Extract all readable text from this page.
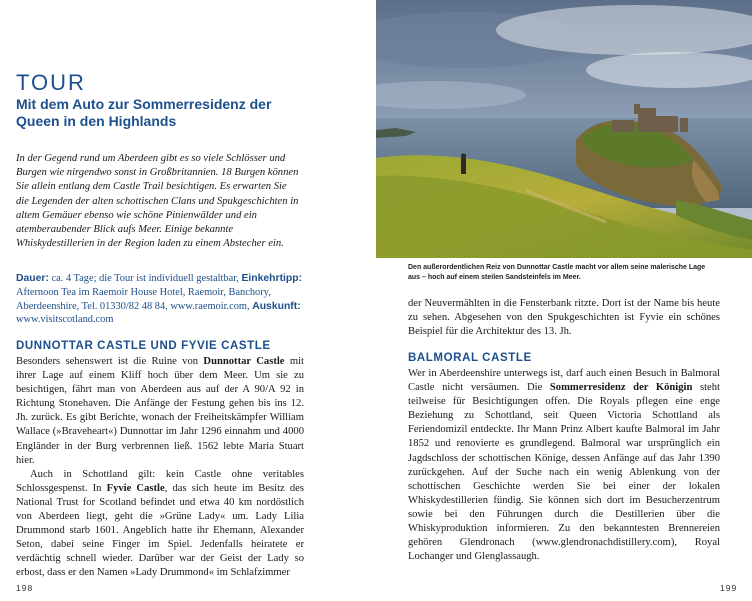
TOUR
Mit dem Auto zur Sommerresidenz der Queen in den Highlands
In der Gegend rund um Aberdeen gibt es so viele Schlösser und Burgen wie nirgendwo sonst in Großbritannien. 18 Burgen können Sie allein entlang dem Castle Trail besichtigen. Es erwarten Sie die Legenden der alten schottischen Clans und Spukgeschichten in altem Gemäuer ebenso wie schöne Pinienwälder und ein atemberaubender Blick aufs Meer. Einige bekannte Whiskydestillerien in der Region laden zu einem Abstecher ein.
Dauer: ca. 4 Tage; die Tour ist individuell gestaltbar, Einkehrtipp: Afternoon Tea im Raemoir House Hotel, Raemoir, Banchory, Aberdeenshire, Tel. 01330/82 48 84, www.raemoir.com, Auskunft: www.visitscotland.com
DUNNOTTAR CASTLE UND FYVIE CASTLE

Besonders sehenswert ist die Ruine von Dunnottar Castle mit ihrer Lage auf einem Kliff hoch über dem Meer. Um sie zu besichtigen, fährt man von Aberdeen aus auf der A 90/A 92 in Richtung Stonehaven. Die Anfänge der Festung gehen bis ins 12. Jh. zurück. Es gibt Berichte, wonach der Freiheitskämpfer William Wallace (»Braveheart«) Dunnottar im Jahr 1296 einnahm und 4000 Engländer in der Burg verbrennen ließ. 1562 lebte Maria Stuart hier.

Auch in Schottland gilt: kein Castle ohne veritables Schlossgespenst. In Fyvie Castle, das sich heute im Besitz des National Trust for Scotland befindet und etwa 40 km nordöstlich von Aberdeen liegt, geht die »Grüne Lady« um. Lady Lilia Drummond starb 1601. Angeblich hatte ihr Ehemann, Alexander Seton, dabei seine Finger im Spiel. Jedenfalls heiratete er verdächtig schnell wieder. Darüber war der Geist der Lady so erbost, dass er den Namen »Lady Drummond« im Schlafzimmer

198
Den außerordentlichen Reiz von Dunnottar Castle macht vor allem seine malerische Lage aus – hoch auf einem steilen Sandsteinfels im Meer.
der Neuvermählten in die Fensterbank ritzte. Dort ist der Name bis heute zu sehen. Abgesehen von den Spukgeschichten ist Fyvie ein schönes Beispiel für die Architektur des 13. Jh.
BALMORAL CASTLE
Wer in Aberdeenshire unterwegs ist, darf auch einen Besuch in Balmoral Castle nicht versäumen. Die Sommerresidenz der Königin steht teilweise für Besichtigungen offen. Die Royals pflegen eine enge Beziehung zu Schottland, seit Queen Victoria Schottland als Feriendomizil entdeckte. Ihr Mann Prinz Albert kaufte Balmoral im Jahr 1852 und renovierte es grundlegend. Balmoral war ursprünglich ein Jagdschloss der schottischen Könige, dessen Anfänge auf das Jahr 1390 zurückgehen. Auf der Suche nach ein wenig Ablenkung von der schottischen Geschichte werden Sie bei einer der lokalen Whiskydestillerien fündig. Sie können sich dort im Besucherzentrum sowie bei den Führungen durch die Destillerien über die Whiskyproduktion informieren. Zu den bekanntesten Brennereien gehören Glendronach (www.glendronachdistillery.com), Royal Lochanger und Glenglassaugh.
199
